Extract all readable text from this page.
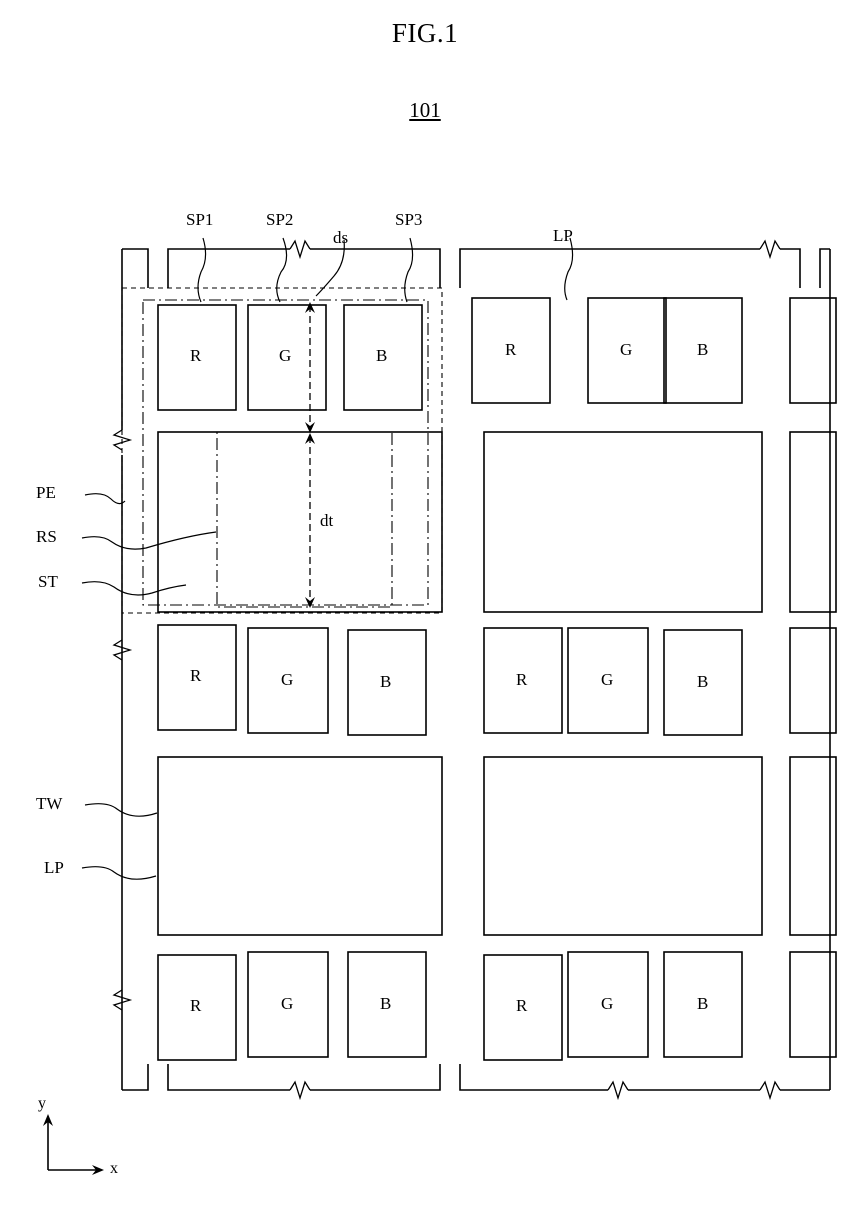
FIG.1
101
SP1	SP2
ds
SP3
LP
PE
RS
ST
dt
TW
LP
R	G	B	R	G	B
R	G	B	R	G	B
R	G	B	R	G	B
y
x
